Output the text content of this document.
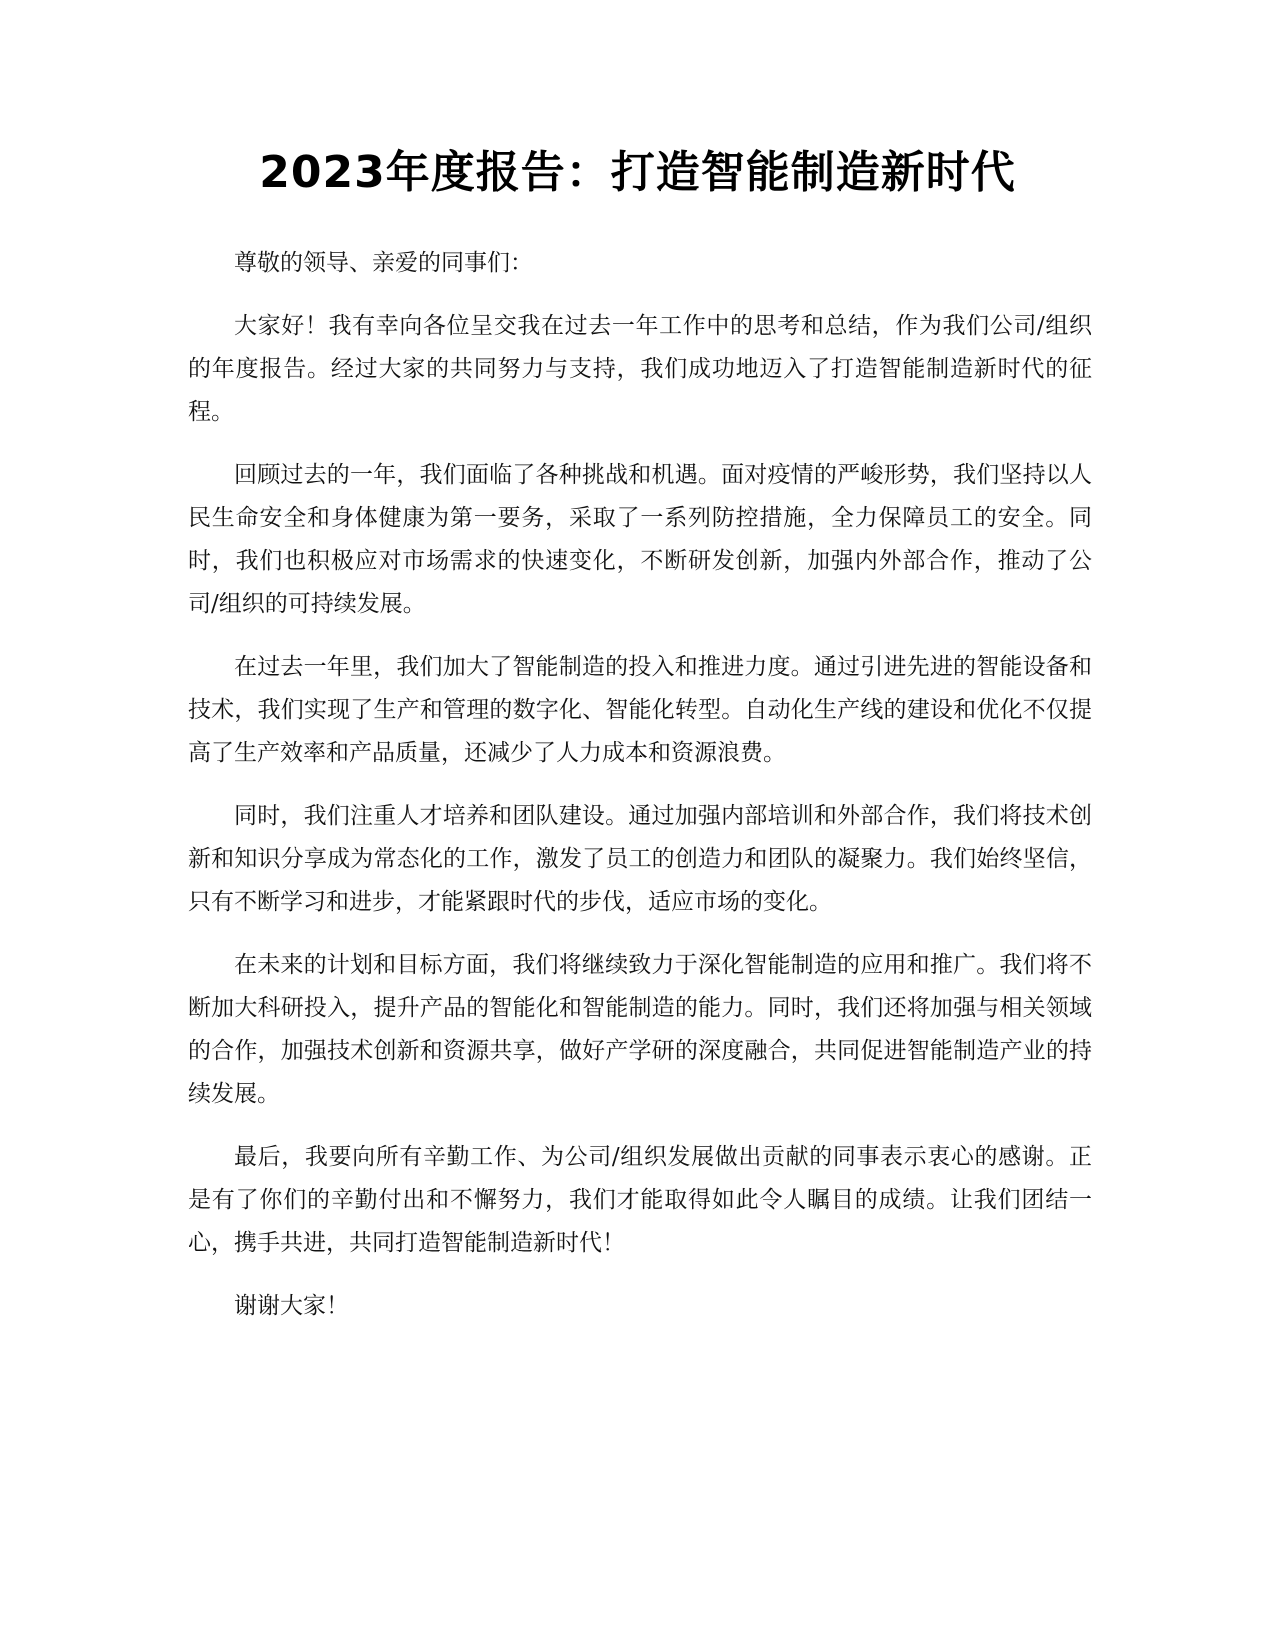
2023年度报告：打造智能制造新时代

尊敬的领导、亲爱的同事们：

大家好！我有幸向各位呈交我在过去一年工作中的思考和总结，作为我们公司/组织的年度报告。经过大家的共同努力与支持，我们成功地迈入了打造智能制造新时代的征程。

回顾过去的一年，我们面临了各种挑战和机遇。面对疫情的严峻形势，我们坚持以人民生命安全和身体健康为第一要务，采取了一系列防控措施，全力保障员工的安全。同时，我们也积极应对市场需求的快速变化，不断研发创新，加强内外部合作，推动了公司/组织的可持续发展。

在过去一年里，我们加大了智能制造的投入和推进力度。通过引进先进的智能设备和技术，我们实现了生产和管理的数字化、智能化转型。自动化生产线的建设和优化不仅提高了生产效率和产品质量，还减少了人力成本和资源浪费。

同时，我们注重人才培养和团队建设。通过加强内部培训和外部合作，我们将技术创新和知识分享成为常态化的工作，激发了员工的创造力和团队的凝聚力。我们始终坚信，只有不断学习和进步，才能紧跟时代的步伐，适应市场的变化。

在未来的计划和目标方面，我们将继续致力于深化智能制造的应用和推广。我们将不断加大科研投入，提升产品的智能化和智能制造的能力。同时，我们还将加强与相关领域的合作，加强技术创新和资源共享，做好产学研的深度融合，共同促进智能制造产业的持续发展。

最后，我要向所有辛勤工作、为公司/组织发展做出贡献的同事表示衷心的感谢。正是有了你们的辛勤付出和不懈努力，我们才能取得如此令人瞩目的成绩。让我们团结一心，携手共进，共同打造智能制造新时代！

谢谢大家！
